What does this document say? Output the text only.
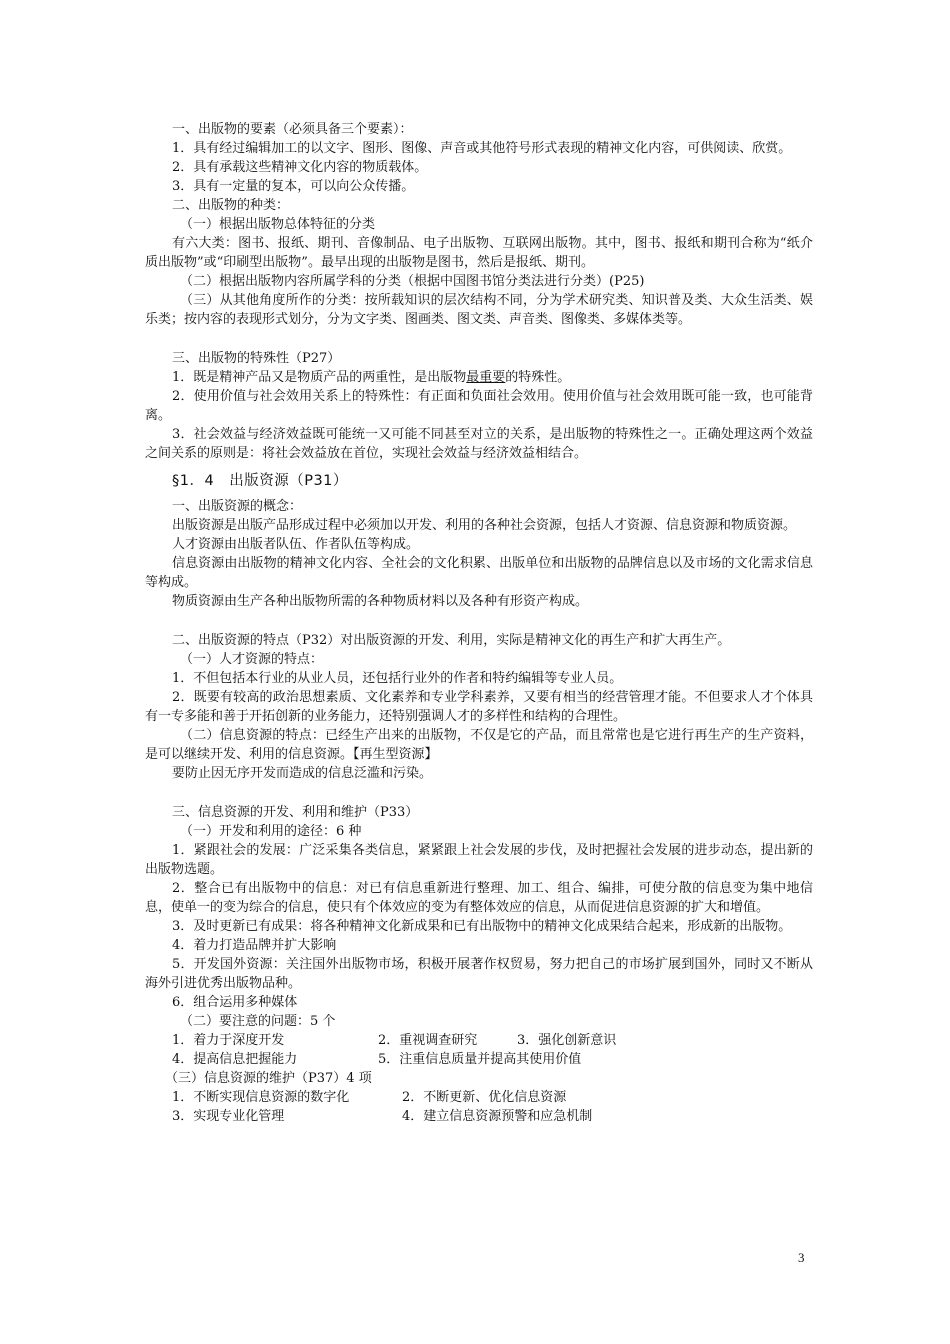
一、出版物的要素（必须具备三个要素）：

1．具有经过编辑加工的以文字、图形、图像、声音或其他符号形式表现的精神文化内容，可供阅读、欣赏。

2．具有承载这些精神文化内容的物质载体。

3．具有一定量的复本，可以向公众传播。

二、出版物的种类：

（一）根据出版物总体特征的分类

有六大类：图书、报纸、期刊、音像制品、电子出版物、互联网出版物。其中，图书、报纸和期刊合称为“纸介质出版物”或“印刷型出版物”。最早出现的出版物是图书，然后是报纸、期刊。

（二）根据出版物内容所属学科的分类（根据中国图书馆分类法进行分类）(P25)

（三）从其他角度所作的分类：按所载知识的层次结构不同，分为学术研究类、知识普及类、大众生活类、娱乐类；按内容的表现形式划分，分为文字类、图画类、图文类、声音类、图像类、多媒体类等。

三、出版物的特殊性（P27）

1．既是精神产品又是物质产品的两重性，是出版物最重要的特殊性。

2．使用价值与社会效用关系上的特殊性：有正面和负面社会效用。使用价值与社会效用既可能一致，也可能背离。

3．社会效益与经济效益既可能统一又可能不同甚至对立的关系，是出版物的特殊性之一。正确处理这两个效益之间关系的原则是：将社会效益放在首位，实现社会效益与经济效益相结合。

§1．4　出版资源（P31）

一、出版资源的概念：

出版资源是出版产品形成过程中必须加以开发、利用的各种社会资源，包括人才资源、信息资源和物质资源。

人才资源由出版者队伍、作者队伍等构成。

信息资源由出版物的精神文化内容、全社会的文化积累、出版单位和出版物的品牌信息以及市场的文化需求信息等构成。

物质资源由生产各种出版物所需的各种物质材料以及各种有形资产构成。

二、出版资源的特点（P32）对出版资源的开发、利用，实际是精神文化的再生产和扩大再生产。

（一）人才资源的特点：

1．不但包括本行业的从业人员，还包括行业外的作者和特约编辑等专业人员。

2．既要有较高的政治思想素质、文化素养和专业学科素养，又要有相当的经营管理才能。不但要求人才个体具有一专多能和善于开拓创新的业务能力，还特别强调人才的多样性和结构的合理性。

（二）信息资源的特点：已经生产出来的出版物，不仅是它的产品，而且常常也是它进行再生产的生产资料，是可以继续开发、利用的信息资源。【再生型资源】

要防止因无序开发而造成的信息泛滥和污染。

三、信息资源的开发、利用和维护（P33）

（一）开发和利用的途径：6 种

1．紧跟社会的发展：广泛采集各类信息，紧紧跟上社会发展的步伐，及时把握社会发展的进步动态，提出新的出版物选题。

2．整合已有出版物中的信息：对已有信息重新进行整理、加工、组合、编排，可使分散的信息变为集中地信息，使单一的变为综合的信息，使只有个体效应的变为有整体效应的信息，从而促进信息资源的扩大和增值。

3．及时更新已有成果：将各种精神文化新成果和已有出版物中的精神文化成果结合起来，形成新的出版物。

4．着力打造品牌并扩大影响

5．开发国外资源：关注国外出版物市场，积极开展著作权贸易，努力把自己的市场扩展到国外，同时又不断从海外引进优秀出版物品种。

6．组合运用多种媒体

（二）要注意的问题：5 个

1．着力于深度开发	2．重视调查研究	3．强化创新意识
4．提高信息把握能力	5．注重信息质量并提高其使用价值

（三）信息资源的维护（P37）4 项

1．不断实现信息资源的数字化	2．不断更新、优化信息资源
3．实现专业化管理	4．建立信息资源预警和应急机制
3
